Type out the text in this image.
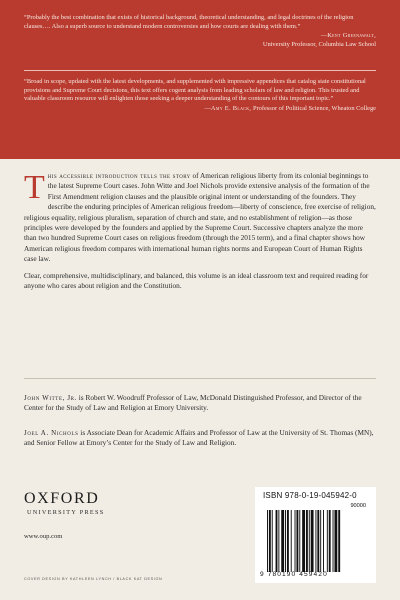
“Probably the best combination that exists of historical background, theoretical understanding, and legal doctrines of the religion clauses…. Also a superb source to understand modern controversies and how courts are dealing with them.”

—Kent Greenawalt,
University Professor, Columbia Law School

“Broad in scope, updated with the latest developments, and supplemented with impressive appendices that catalog state constitutional provisions and Supreme Court decisions, this text offers cogent analysis from leading scholars of law and religion. This trusted and valuable classroom resource will enlighten those seeking a deeper understanding of the contours of this important topic.”

—Amy E. Black, Professor of Political Science, Wheaton College

This accessible introduction tells the story of American religious liberty from its colonial beginnings to the latest Supreme Court cases. John Witte and Joel Nichols provide extensive analysis of the formation of the First Amendment religion clauses and the plausible original intent or understanding of the founders. They describe the enduring principles of American religious freedom—liberty of conscience, free exercise of religion, religious equality, religious pluralism, separation of church and state, and no establishment of religion—as those principles were developed by the founders and applied by the Supreme Court. Successive chapters analyze the more than two hundred Supreme Court cases on religious freedom (through the 2015 term), and a final chapter shows how American religious freedom compares with international human rights norms and European Court of Human Rights case law.

Clear, comprehensive, multidisciplinary, and balanced, this volume is an ideal classroom text and required reading for anyone who cares about religion and the Constitution.

John Witte, Jr. is Robert W. Woodruff Professor of Law, McDonald Distinguished Professor, and Director of the Center for the Study of Law and Religion at Emory University.

Joel A. Nichols is Associate Dean for Academic Affairs and Professor of Law at the University of St. Thomas (MN), and Senior Fellow at Emory’s Center for the Study of Law and Religion.

OXFORD
UNIVERSITY PRESS
www.oup.com
COVER DESIGN BY KATHLEEN LYNCH / BLACK KAT DESIGN
ISBN 978-0-19-045942-0
90000
9 780190 459420
